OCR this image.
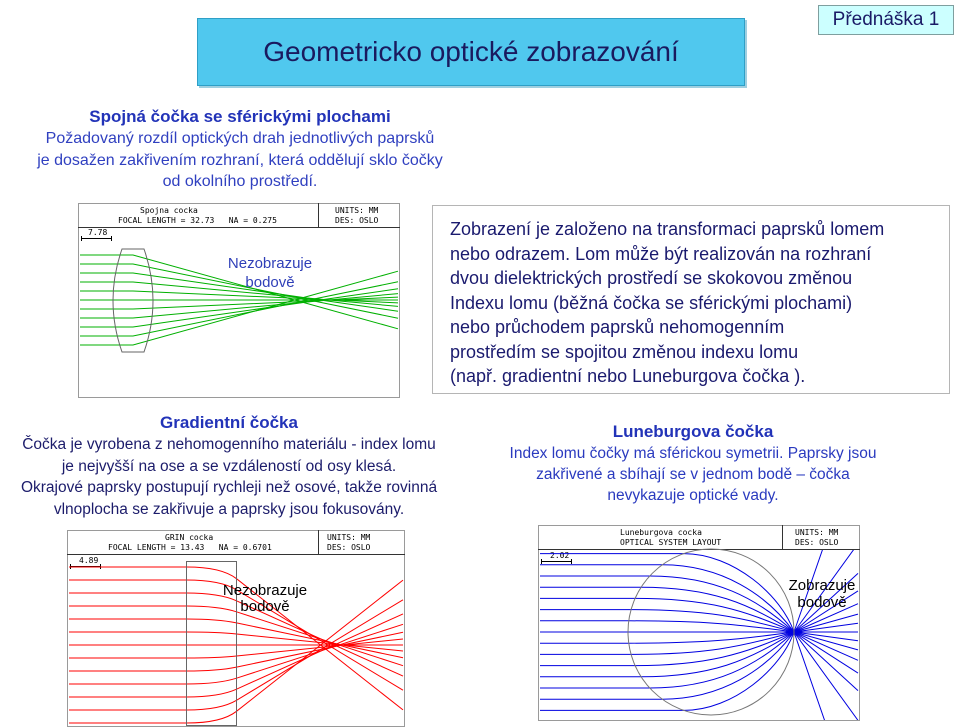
Geometricko optické zobrazování
Přednáška 1
Spojná čočka se sférickými plochami
Požadovaný rozdíl optických drah jednotlivých paprsků
je dosažen zakřivením rozhraní, která oddělují sklo čočky
od okolního prostředí.
Zobrazení je založeno na transformaci paprsků lomem
nebo odrazem. Lom může být realizován na rozhraní
dvou dielektrických prostředí se skokovou změnou
Indexu lomu (běžná čočka se sférickými plochami)
nebo průchodem paprsků nehomogenním
prostředím se spojitou změnou indexu lomu
(např. gradientní nebo Luneburgova čočka ).
Gradientní čočka
Čočka je vyrobena z nehomogenního materiálu - index lomu
je nejvyšší na ose a se vzdáleností od osy klesá.
Okrajové paprsky postupují rychleji než osové, takže rovinná
vlnoplocha se zakřivuje a paprsky jsou fokusovány.
Luneburgova čočka
Index lomu čočky má sférickou symetrii. Paprsky jsou
zakřivené a sbíhají se v jednom bodě – čočka
nevykazuje optické vady.
Spojna cocka
FOCAL LENGTH = 32.73   NA = 0.275
UNITS: MM
DES: OSLO
7.78
Nezobrazuje
bodově
GRIN cocka
FOCAL LENGTH = 13.43   NA = 0.6701
UNITS: MM
DES: OSLO
4.89
Nezobrazuje
bodově
Luneburgova cocka
OPTICAL SYSTEM LAYOUT
UNITS: MM
DES: OSLO
2.02
Zobrazuje
bodově
